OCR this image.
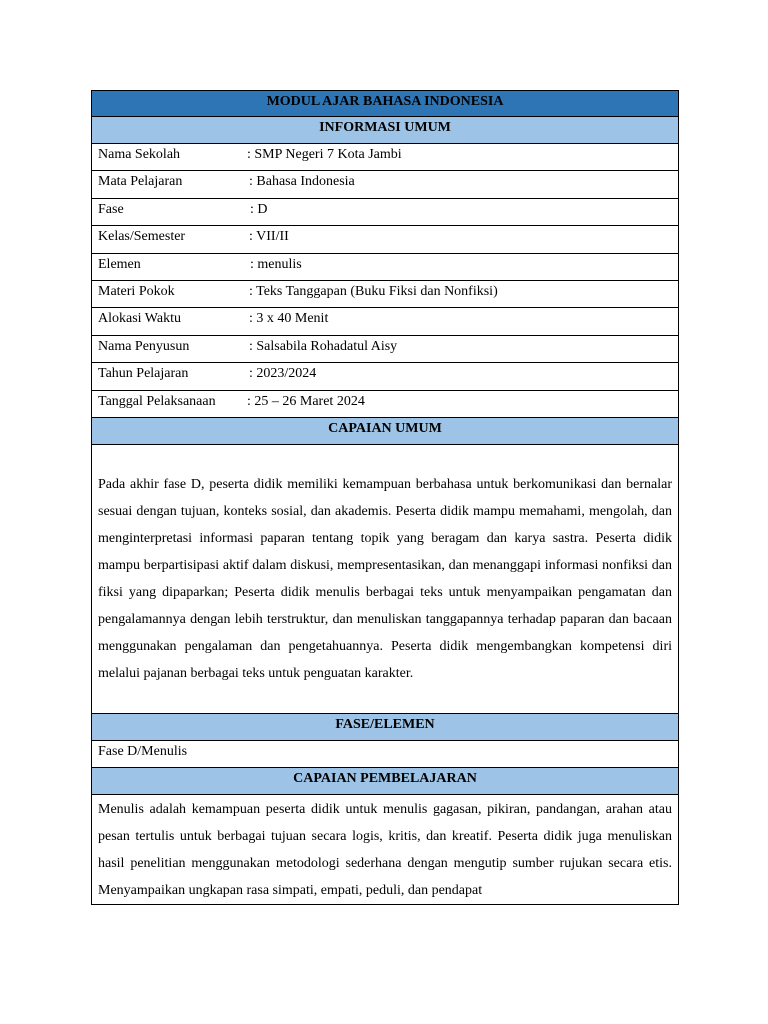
MODUL AJAR BAHASA INDONESIA
INFORMASI UMUM
Nama Sekolah	: SMP Negeri 7 Kota Jambi
Mata Pelajaran	: Bahasa Indonesia
Fase	: D
Kelas/Semester	: VII/II
Elemen	: menulis
Materi Pokok	: Teks Tanggapan (Buku Fiksi dan Nonfiksi)
Alokasi Waktu	: 3 x 40 Menit
Nama Penyusun	: Salsabila Rohadatul Aisy
Tahun Pelajaran	: 2023/2024
Tanggal Pelaksanaan : 25 – 26 Maret 2024
CAPAIAN UMUM
Pada akhir fase D, peserta didik memiliki kemampuan berbahasa untuk berkomunikasi dan bernalar sesuai dengan tujuan, konteks sosial, dan akademis. Peserta didik mampu memahami, mengolah, dan menginterpretasi informasi paparan tentang topik yang beragam dan karya sastra. Peserta didik mampu berpartisipasi aktif dalam diskusi, mempresentasikan, dan menanggapi informasi nonfiksi dan fiksi yang dipaparkan; Peserta didik menulis berbagai teks untuk menyampaikan pengamatan dan pengalamannya dengan lebih terstruktur, dan menuliskan tanggapannya terhadap paparan dan bacaan menggunakan pengalaman dan pengetahuannya. Peserta didik mengembangkan kompetensi diri melalui pajanan berbagai teks untuk penguatan karakter.
FASE/ELEMEN
Fase D/Menulis
CAPAIAN PEMBELAJARAN
Menulis adalah kemampuan peserta didik untuk menulis gagasan, pikiran, pandangan, arahan atau pesan tertulis untuk berbagai tujuan secara logis, kritis, dan kreatif. Peserta didik juga menuliskan hasil penelitian menggunakan metodologi sederhana dengan mengutip sumber rujukan secara etis. Menyampaikan ungkapan rasa simpati, empati, peduli, dan pendapat
